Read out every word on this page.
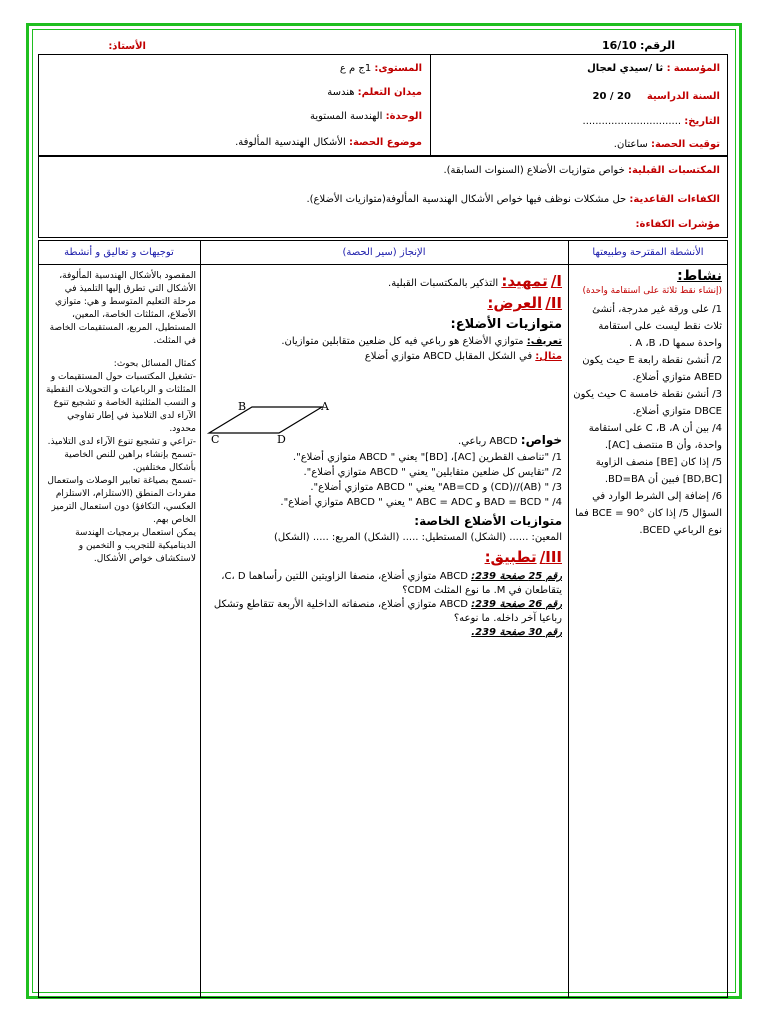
الرقم:
16/10
الأستاذ:
المؤسسة : ثا /سيدي لعجال
السنة الدراسية     20 / 20
التاريخ: ...............................
توقيت الحصة: ساعتان.
المستوى: 1ج م ع
ميدان التعلم: هندسة
الوحدة: الهندسة المستوية
موضوع الحصة: الأشكال الهندسية المألوفة.
المكتسبات القبلية: خواص متوازيات الأضلاع (السنوات السابقة).
الكفاءات القاعدية: حل مشكلات نوظف فيها خواص الأشكال الهندسية المألوفة(متوازيات الأضلاع).
مؤشرات الكفاءة:
الأنشطة المقترحة وطبيعتها
الإنجاز (سير الحصة)
توجيهات و تعاليق و أنشطة
نشاط:
(إنشاء نقط ثلاثة على استقامة واحدة)
1/ على ورقة غير مدرجة، أنشئ ثلاث نقط ليست على استقامة واحدة سمها A ،B ،D .
2/ أنشئ نقطة رابعة E حيث يكون ABED متوازي أضلاع.
3/ أنشئ نقطة خامسة C حيث يكون DBCE متوازي أضلاع.
4/ بين أن C ،B ،A على استقامة واحدة، وأن B منتصف [AC].
5/ إذا كان [BE] منصف الزاوية [BD,BC] فبين أن BD=BA.
6/ إضافة إلى الشرط الوارد في السؤال 5/ إذا كان BCE = 90° فما نوع الرباعي BCED.
I/ تمهيد: التذكير بالمكتسبات القبلية.
II/ العرض:
متوازيات الأضلاع:
تعريف: متوازي الأضلاع هو رباعي فيه كل ضلعين متقابلين متوازيان.
مثال: في الشكل المقابل ABCD متوازي أضلاع
B	A
C	D	خواص: ABCD رباعي.
1/ "تناصف القطرين [AC]، [BD]" يعني " ABCD متوازي أضلاع".
2/ "تقايس كل ضلعين متقابلين" يعني " ABCD متوازي أضلاع".
3/ " (AB)//(CD) و AB=CD" يعني " ABCD متوازي أضلاع".
4/ " BAD = BCD و ABC = ADC " يعني " ABCD متوازي أضلاع".
متوازيات الأضلاع الخاصة:
المعين: ...... (الشكل) المستطيل: ..... (الشكل) المربع: ..... (الشكل)
III/ تطبيق:
رقم 25 صفحة 239: ABCD متوازي أضلاع، منصفا الزاويتين اللتين رأساهما C، D، يتقاطعان في M. ما نوع المثلث CDM؟
رقم 26 صفحة 239: ABCD متوازي أضلاع، منصفاته الداخلية الأربعة تتقاطع وتشكل رباعيا آخر داخله. ما نوعه؟
رقم 30 صفحة 239.
المقصود بالأشكال الهندسية المألوفة، الأشكال التي تطرق إليها التلميذ في مرحلة التعليم المتوسط و هي: متوازي الأضلاع، المثلثات الخاصة، المعين، المستطيل، المربع، المستقيمات الخاصة في المثلث.
كمثال المسائل بحوث:
-تشغيل المكتسبات حول المستقيمات و المثلثات و الرباعيات و التحويلات النقطية و النسب المثلثية الخاصة و تشجيع تنوع الآراء لدى التلاميذ في إطار تفاوجي محدود.
-تراعي و تشجيع تنوع الآراء لدى التلاميذ.
-تسمح بإنشاء براهين للنص الخاصية بأشكال مختلفين.
-تسمح بصياغة تعابير الوصلات واستعمال مفردات المنطق (الاستلزام، الاستلزام العكسي، التكافؤ) دون استعمال الترميز الخاص بهم.
يمكن استعمال برمجيات الهندسة الديناميكية للتجريب و التخمين و لاستكشاف خواص الأشكال.
